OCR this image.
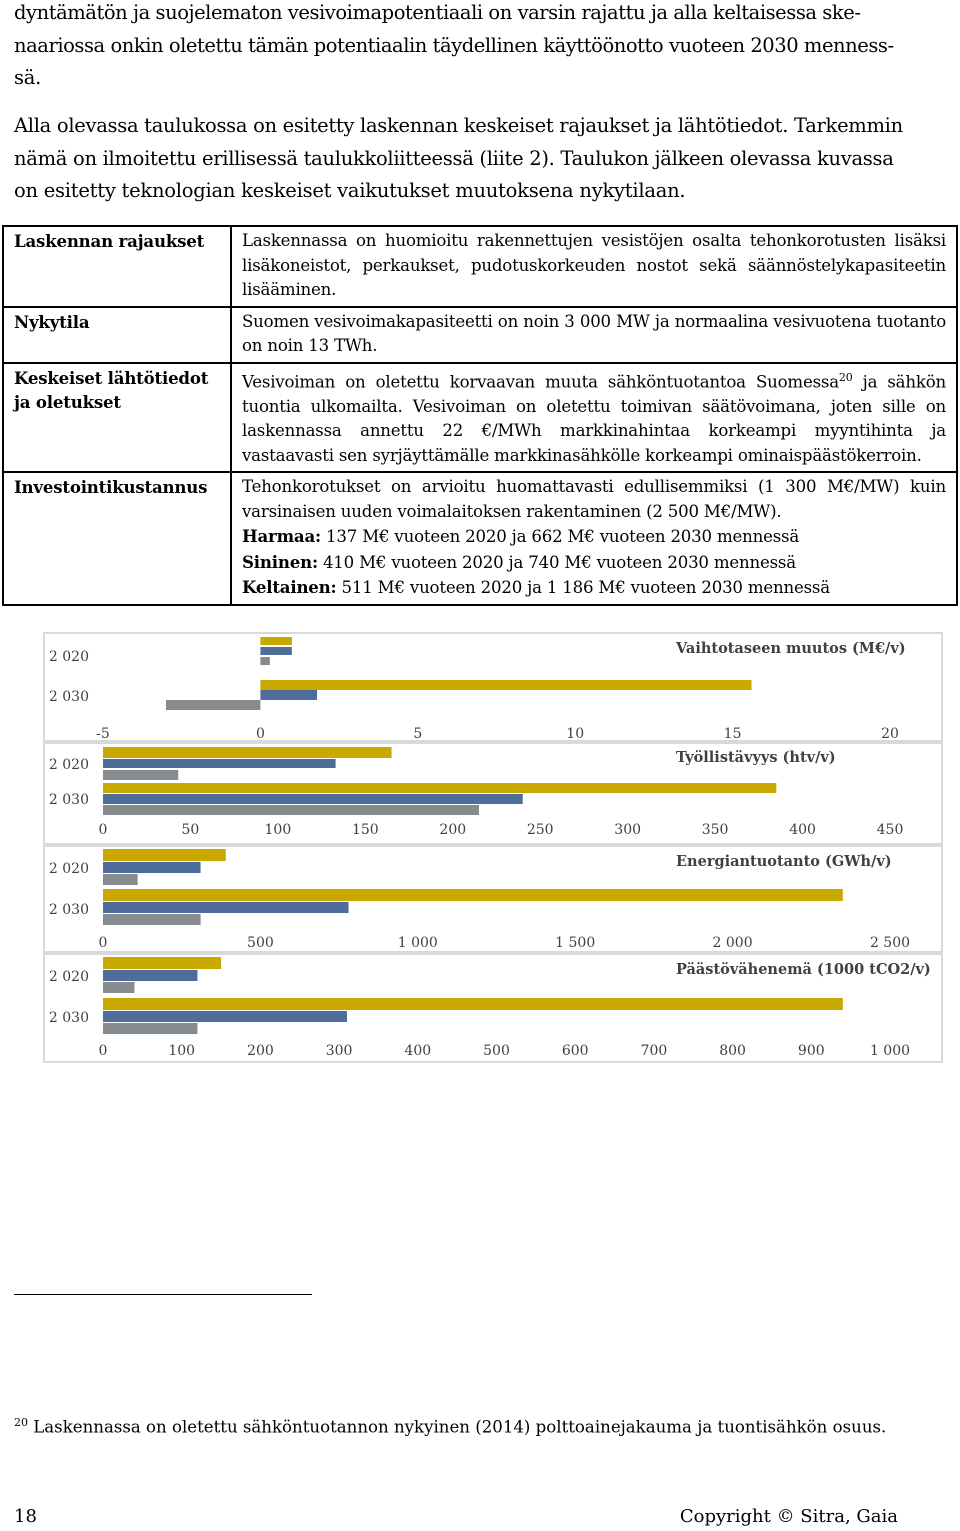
dyntämätön ja suojelematon vesivoimapotentiaali on varsin rajattu ja alla keltaisessa ske-
naariossa onkin oletettu tämän potentiaalin täydellinen käyttöönotto vuoteen 2030 menness-
sä.
Alla olevassa taulukossa on esitetty laskennan keskeiset rajaukset ja lähtötiedot. Tarkemmin
nämä on ilmoitettu erillisessä taulukkoliitteessä (liite 2). Taulukon jälkeen olevassa kuvassa
on esitetty teknologian keskeiset vaikutukset muutoksena nykytilaan.
Laskennan rajaukset	Laskennassa on huomioitu rakennettujen vesistöjen osalta tehonkorotusten lisäksi lisäkoneistot, perkaukset, pudotuskorkeuden nostot sekä säännöstelykapasiteetin lisääminen.
Nykytila	Suomen vesivoimakapasiteetti on noin 3 000 MW ja normaalina vesivuotena tuotanto on noin 13 TWh.
Keskeiset lähtötiedot ja oletukset	Vesivoiman on oletettu korvaavan muuta sähköntuotantoa Suomessa$^{20}$ ja sähkön tuontia ulkomailta. Vesivoiman on oletettu toimivan säätövoimana, joten sille on laskennassa annettu 22 €/MWh markkinahintaa korkeampi myyntihinta ja vastaavasti sen syrjäyttämälle markkinasähkölle korkeampi ominaispäästökerroin.
Investointikustannus	Tehonkorotukset on arvioitu huomattavasti edullisemmiksi (1 300 M€/MW) kuin varsinaisen uuden voimalaitoksen rakentaminen (2 500 M€/MW).
Harmaa: 137 M€ vuoteen 2020 ja 662 M€ vuoteen 2030 mennessä
Sininen: 410 M€ vuoteen 2020 ja 740 M€ vuoteen 2030 mennessä
Keltainen: 511 M€ vuoteen 2020 ja 1 186 M€ vuoteen 2030 mennessä
2 020
2 030
-5	0	5	10	15	20
Vaihtotaseen muutos (M€/v)
2 020
2 030
0	50	100	150	200	250	300	350	400	450
Työllistävyys (htv/v)
2 020
2 030
0	500	1 000	1 500	2 000	2 500
Energiantuotanto (GWh/v)
2 020
2 030
0	100	200	300	400	500	600	700	800	900	1 000
Päästövähenemä (1000 tCO2/v)
$^{20}$ Laskennassa on oletettu sähköntuotannon nykyinen (2014) polttoainejakauma ja tuontisähkön osuus.
18	Copyright © Sitra, Gaia
